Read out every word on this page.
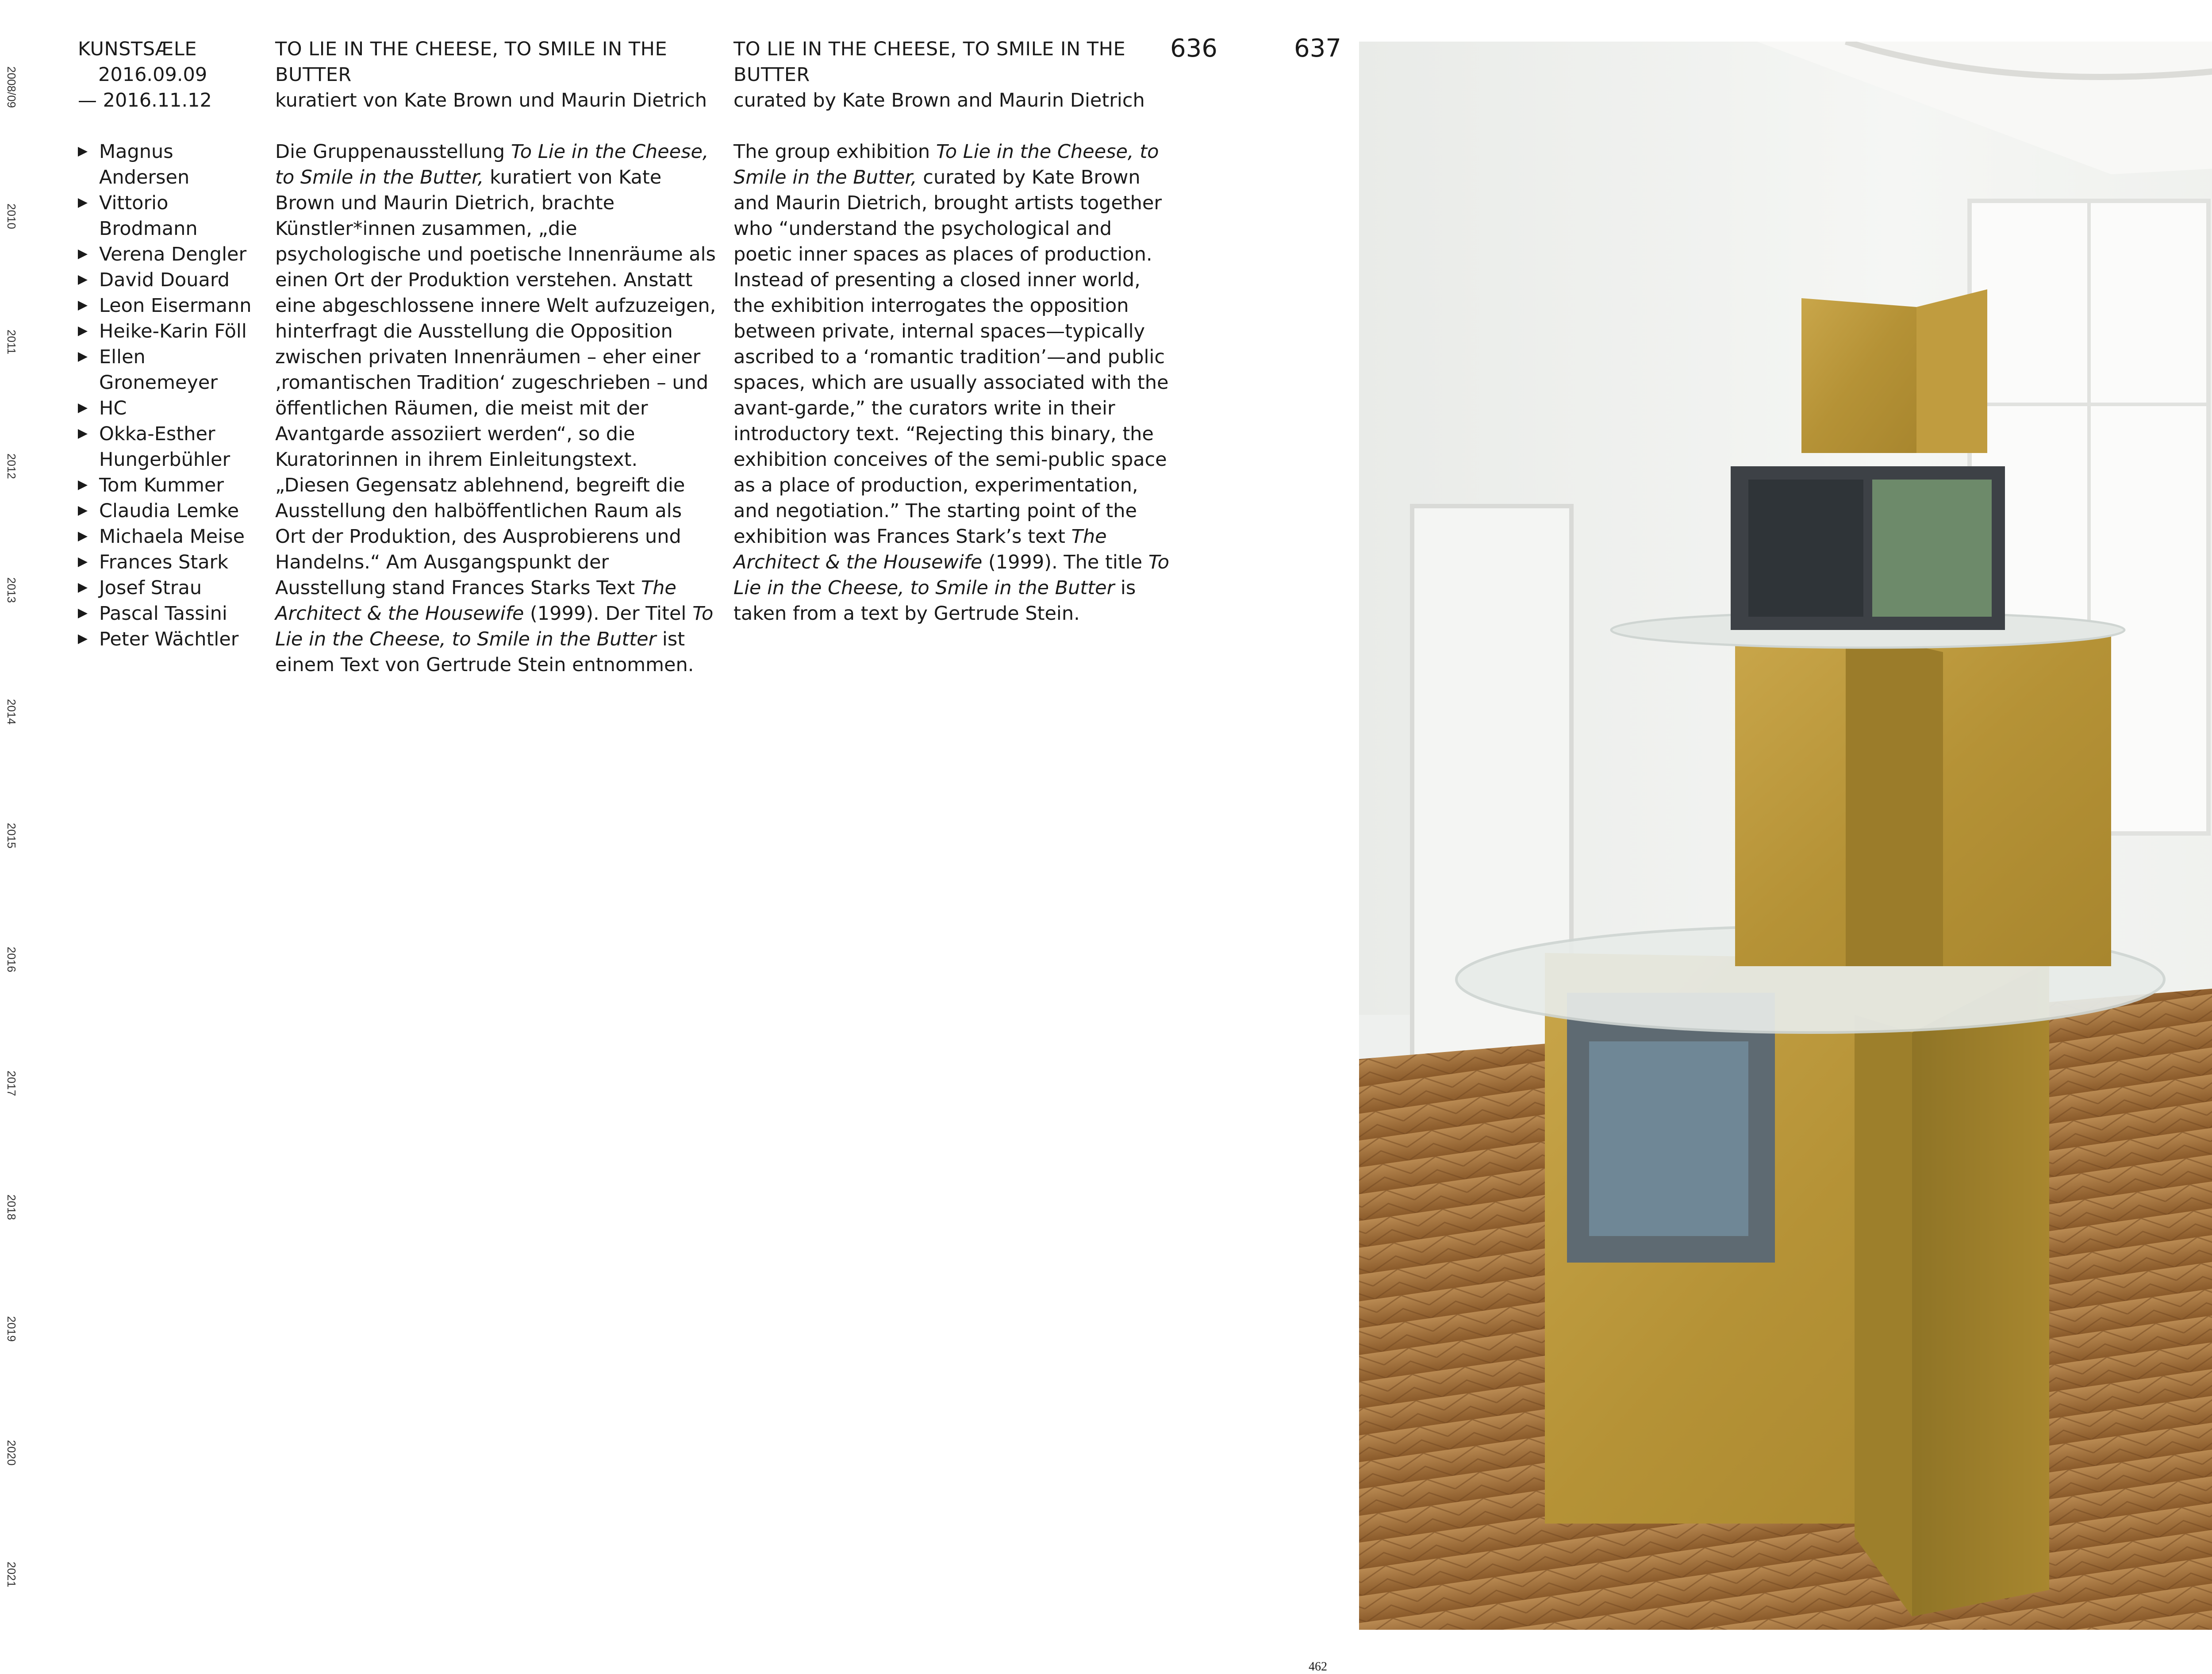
2008/09
2010
2011
2012
2013
2014
2015
2016
2017
2018
2019
2020
2021
KUNSTSÆLE
2016.09.09
— 2016.11.12
Magnus Andersen
Vittorio Brodmann
Verena Dengler
David Douard
Leon Eisermann
Heike-Karin Föll
Ellen Gronemeyer
HC
Okka-Esther Hungerbühler
Tom Kummer
Claudia Lemke
Michaela Meise
Frances Stark
Josef Strau
Pascal Tassini
Peter Wächtler
TO LIE IN THE CHEESE, TO SMILE IN THE BUTTER
kuratiert von Kate Brown und Maurin Dietrich

Die Gruppenausstellung To Lie in the Cheese, to Smile in the Butter, kuratiert von Kate Brown und Maurin Dietrich, brachte Künstler*innen zusammen, „die psychologische und poetische Innenräume als einen Ort der Produktion verstehen. Anstatt eine abgeschlossene innere Welt aufzuzeigen, hinterfragt die Ausstellung die Opposition zwischen privaten Innenräumen – eher einer ‚romantischen Tradition‘ zugeschrieben – und öffentlichen Räumen, die meist mit der Avantgarde assoziiert werden“, so die Kuratorinnen in ihrem Einleitungstext. „Diesen Gegensatz ablehnend, begreift die Ausstellung den halböffentlichen Raum als Ort der Produktion, des Ausprobierens und Handelns.“ Am Ausgangspunkt der Ausstellung stand Frances Starks Text The Architect & the Housewife (1999). Der Titel To Lie in the Cheese, to Smile in the Butter ist einem Text von Gertrude Stein entnommen.

TO LIE IN THE CHEESE, TO SMILE IN THE BUTTER
curated by Kate Brown and Maurin Dietrich

The group exhibition To Lie in the Cheese, to Smile in the Butter, curated by Kate Brown and Maurin Dietrich, brought artists together who “understand the psychological and poetic inner spaces as places of production. Instead of presenting a closed inner world, the exhibition interrogates the opposition between private, internal spaces—typically ascribed to a ‘romantic tradition’—and public spaces, which are usually associated with the avant-garde,” the curators write in their introductory text. “Rejecting this binary, the exhibition conceives of the semi-public space as a place of production, experimentation, and negotiation.” The starting point of the exhibition was Frances Stark’s text The Architect & the Housewife (1999). The title To Lie in the Cheese, to Smile in the Butter is taken from a text by Gertrude Stein.

636	637
462
